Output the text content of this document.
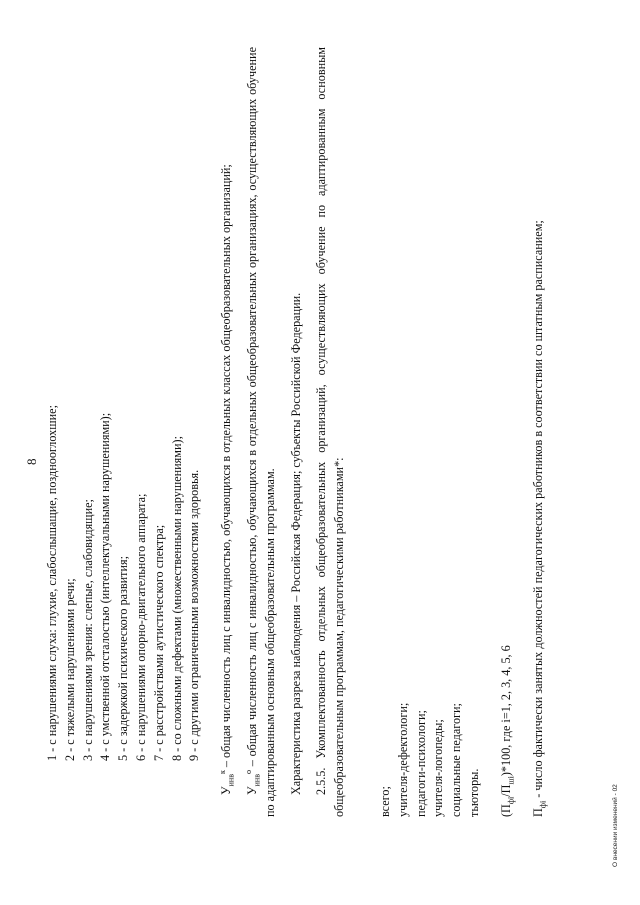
8 1 - с нарушениями слуха: глухие, слабослышащие, позднооглохшие; 2 - с тяжелыми нарушениями речи; 3 - с нарушениями зрения: слепые, слабовидящие; 4 - с умственной отсталостью (интеллектуальными нарушениями); 5 - с задержкой психического развития; 6 - с нарушениями опорно-двигательного аппарата; 7 - с расстройствами аутистического спектра; 8 - со сложными дефектами (множественными нарушениями); 9 - с другими ограниченными возможностями здоровья.

$У_{инв}^к$ – общая численность лиц с инвалидностью, обучающихся в отдельных классах общеобразовательных организаций;

$У_{инв}^о$ – общая численность лиц с инвалидностью, обучающихся в отдельных общеобразовательных организациях, осуществляющих обучение по адаптированным основным общеобразовательным программам. Характеристика разреза наблюдения – Российская Федерация; субъекты Российской Федерации. 2.5.5. Укомплектованность отдельных общеобразовательных организаций, осуществляющих обучение по адаптированным основным общеобразовательным программам, педагогическими работниками*:	всего; учителя-дефектологи; педагоги-психологи; учителя-логопеды; социальные педагоги; тьюторы. $(П_{фi}/П_{шi})*100$, где i=1, 2, 3, 4, 5, 6

$П_{фi}$ - число фактически занятых должностей педагогических работников в соответствии со штатным расписанием;

О внесении изменений - 02
